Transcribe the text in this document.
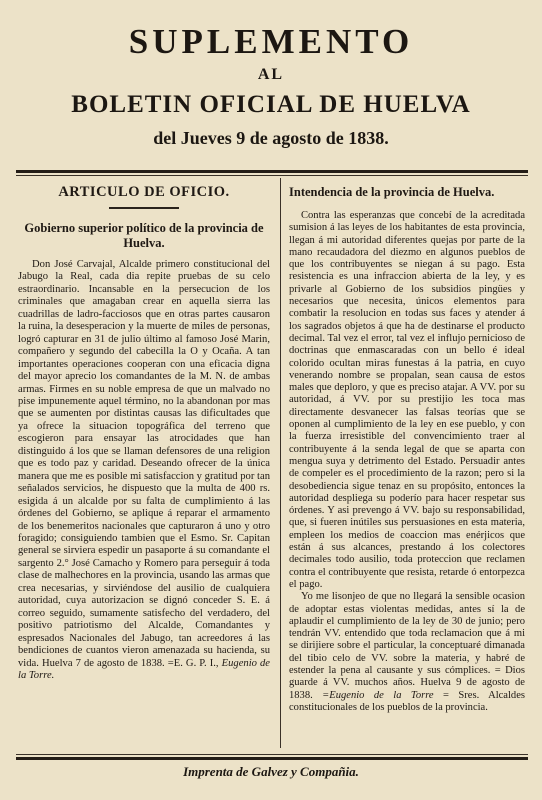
SUPLEMENTO
AL
BOLETIN OFICIAL DE HUELVA
del Jueves 9 de agosto de 1838.

ARTICULO DE OFICIO.

Gobierno superior político de la provincia de Huelva.

Don José Carvajal, Alcalde primero constitucional del Jabugo la Real, cada dia repite pruebas de su celo estraordinario. Incansable en la persecucion de los criminales que amagaban crear en aquella sierra las cuadrillas de ladro-facciosos que en otras partes causaron la ruina, la desesperacion y la muerte de miles de personas, logró capturar en 31 de julio último al famoso José Marin, compañero y segundo del cabecilla la O y Ocaña. A tan importantes operaciones cooperan con una eficacia digna del mayor aprecio los comandantes de la M. N. de ambas armas. Firmes en su noble empresa de que un malvado no pise impunemente aquel término, no la abandonan por mas que se aumenten por distintas causas las dificultades que ya ofrece la situacion topográfica del terreno que escogieron para ensayar las atrocidades que han distinguido á los que se llaman defensores de una religion que es todo paz y caridad. Deseando ofrecer de la única manera que me es posible mi satisfaccion y gratitud por tan señalados servicios, he dispuesto que la multa de 400 rs. esigida á un alcalde por su falta de cumplimiento á las órdenes del Gobierno, se aplique á reparar el armamento de los benemeritos nacionales que capturaron á uno y otro foragido; consiguiendo tambien que el Esmo. Sr. Capitan general se sirviera espedir un pasaporte á su comandante el sargento 2.° José Camacho y Romero para perseguir á toda clase de malhechores en la provincia, usando las armas que crea necesarias, y sirviéndose del ausilio de cualquiera autoridad, cuya autorizacion se dignó conceder S. E. á correo seguido, sumamente satisfecho del verdadero, del positivo patriotismo del Alcalde, Comandantes y espresados Nacionales del Jabugo, tan acreedores á las bendiciones de cuantos vieron amenazada su hacienda, su vida. Huelva 7 de agosto de 1838. =E. G. P. I., Eugenio de la Torre.

Intendencia de la provincia de Huelva.

Contra las esperanzas que concebí de la acreditada sumision á las leyes de los habitantes de esta provincia, llegan á mi autoridad diferentes quejas por parte de la mano recaudadora del diezmo en algunos pueblos de que los contribuyentes se niegan á su pago. Esta resistencia es una infraccion abierta de la ley, y es privarle al Gobierno de los subsidios pingües y necesarios que necesita, únicos elementos para combatir la resolucion en todas sus faces y atender á los sagrados objetos á que ha de destinarse el producto decimal. Tal vez el error, tal vez el influjo pernicioso de doctrinas que enmascaradas con un bello é ideal colorido ocultan miras funestas á la patria, en cuyo venerando nombre se propalan, sean causa de estos males que deploro, y que es preciso atajar. A VV. por su autoridad, á VV. por su prestijio les toca mas directamente desvanecer las falsas teorías que se oponen al cumplimiento de la ley en ese pueblo, y con la fuerza irresistible del convencimiento traer al contribuyente á la senda legal de que se aparta con mengua suya y detrimento del Estado. Persuadir antes de compeler es el procedimiento de la razon; pero si la desobediencia sigue tenaz en su propósito, entonces la autoridad despliega su poderío para hacer respetar sus órdenes. Y asi prevengo á VV. bajo su responsabilidad, que, si fueren inútiles sus persuasiones en esta materia, empleen los medios de coaccion mas enérjicos que están á sus alcances, prestando á los colectores decimales todo ausilio, toda proteccion que reclamen contra el contribuyente que resista, retarde ó entorpezca el pago.

Yo me lisonjeo de que no llegará la sensible ocasion de adoptar estas violentas medidas, antes sí la de aplaudir el cumplimiento de la ley de 30 de junio; pero tendrán VV. entendido que toda reclamacion que á mi se dirijiere sobre el particular, la conceptuaré dimanada del tibio celo de VV. sobre la materia, y habré de estender la pena al causante y sus cómplices. = Dios guarde á VV. muchos años. Huelva 9 de agosto de 1838. =Eugenio de la Torre = Sres. Alcaldes constitucionales de los pueblos de la provincia.

Imprenta de Galvez y Compañia.
